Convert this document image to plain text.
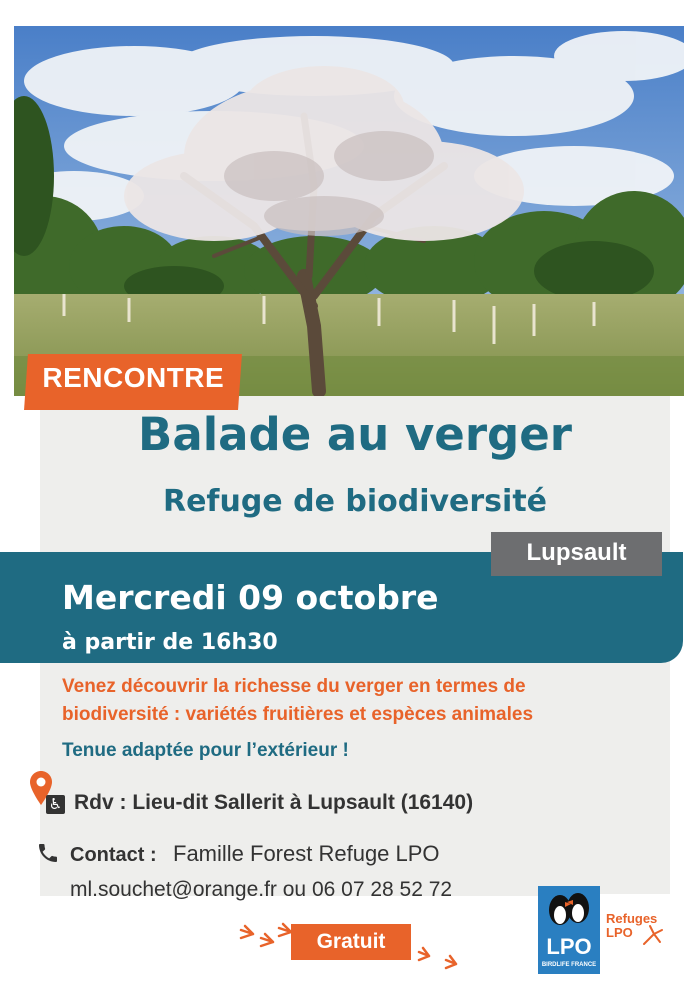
RENCONTRE
Balade au verger
Refuge de biodiversité
Lupsault
Mercredi 09 octobre
à partir de 16h30
Venez découvrir la richesse du verger en termes de
biodiversité : variétés fruitières et espèces animales
Tenue adaptée pour l’extérieur !
♿ Rdv : Lieu-dit Sallerit à Lupsault (16140)
Contact : Famille Forest Refuge LPO
ml.souchet@orange.fr ou 06 07 28 52 72
Gratuit	LPO
BIRDLIFE FRANCE
Refuges
LPO
